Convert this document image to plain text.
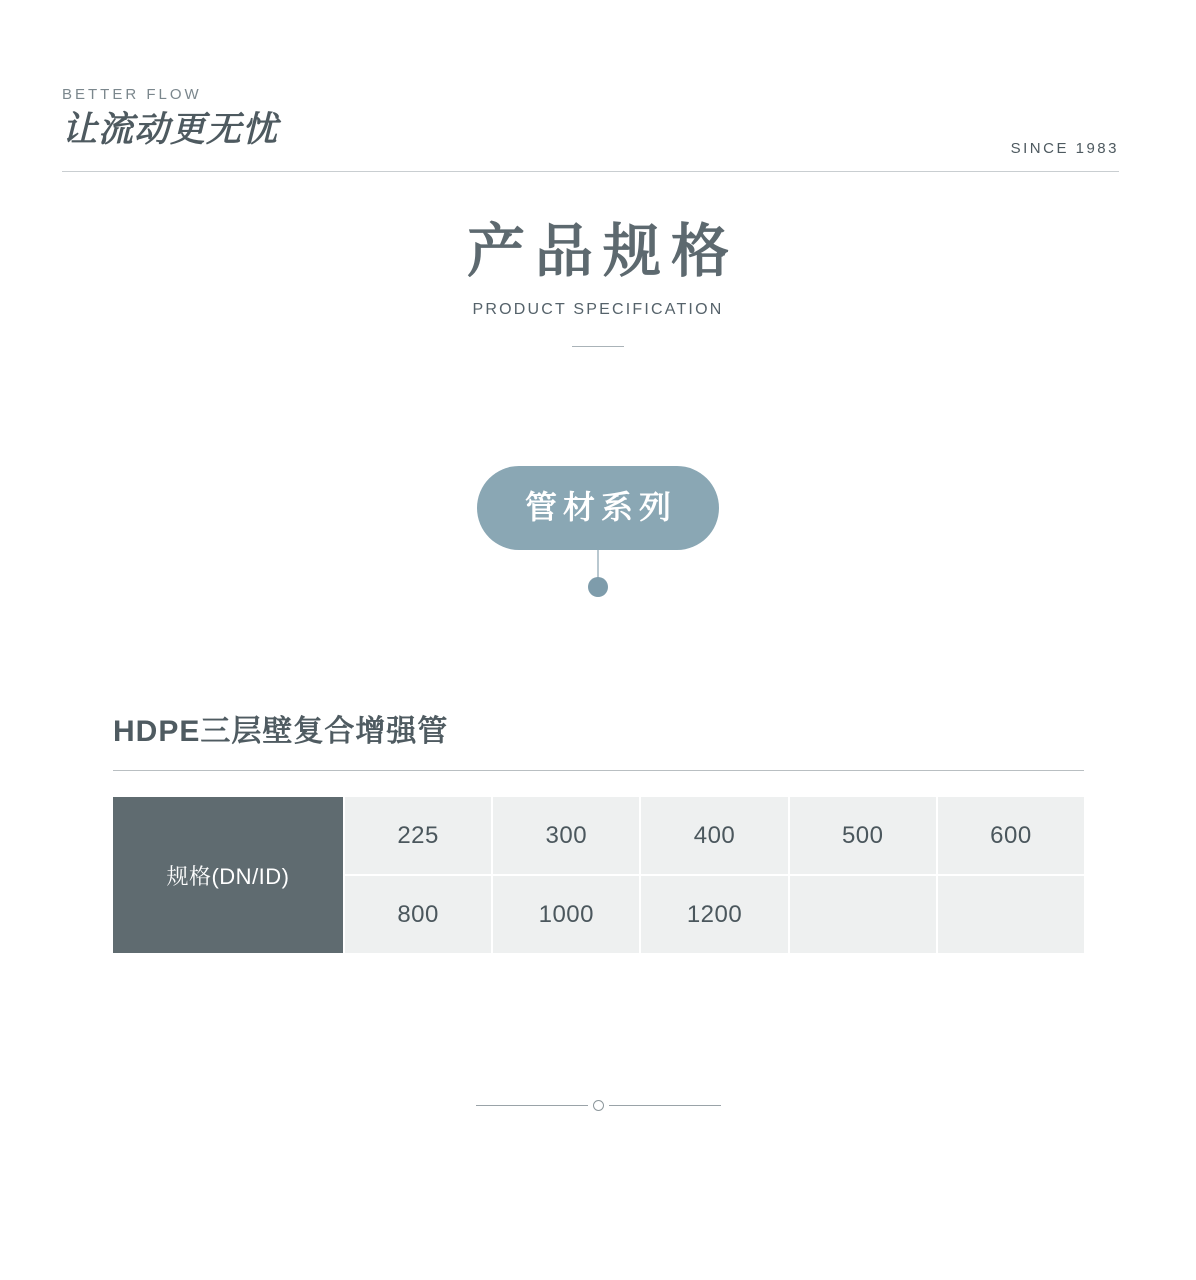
BETTER FLOW

让流动更无忧	SINCE 1983
产品规格

PRODUCT SPECIFICATION

管材系列
HDPE三层壁复合增强管
规格(DN/ID)
225	300	400	500	600
800	1000	1200
